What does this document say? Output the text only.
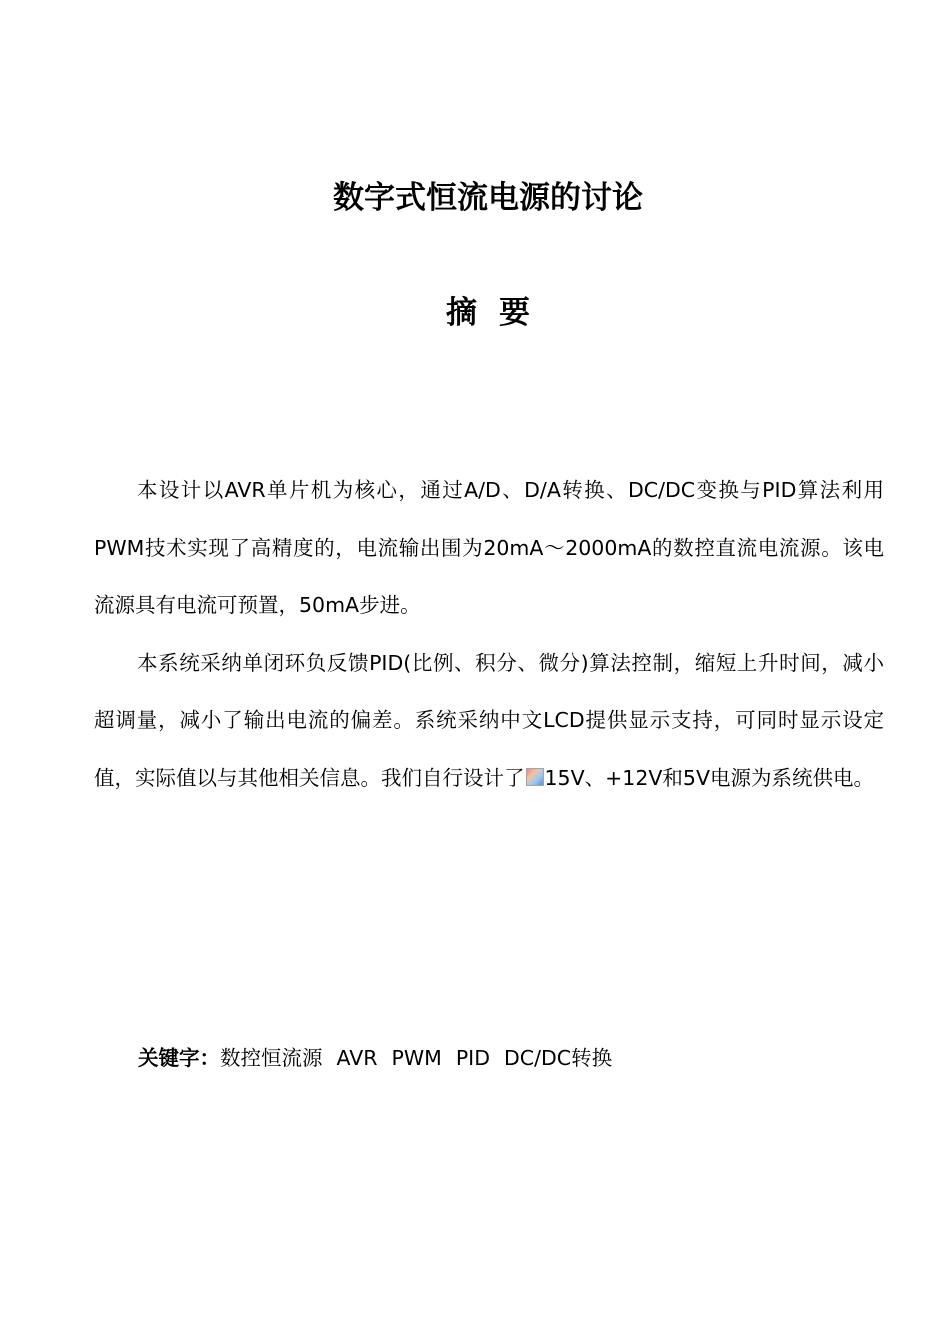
数字式恒流电源的讨论
摘 要

本设计以AVR单片机为核心，通过A/D、D/A转换、DC/DC变换与PID算法利用PWM技术实现了高精度的，电流输出围为20mA～2000mA的数控直流电流源。该电流源具有电流可预置，50mA步进。

本系统采纳单闭环负反馈PID(比例、积分、微分)算法控制，缩短上升时间，减小超调量，减小了输出电流的偏差。系统采纳中文LCD提供显示支持，可同时显示设定值，实际值以与其他相关信息。我们自行设计了 15V、+12V和5V电源为系统供电。

关键字：数控恒流源 AVR PWM PID DC/DC转换
